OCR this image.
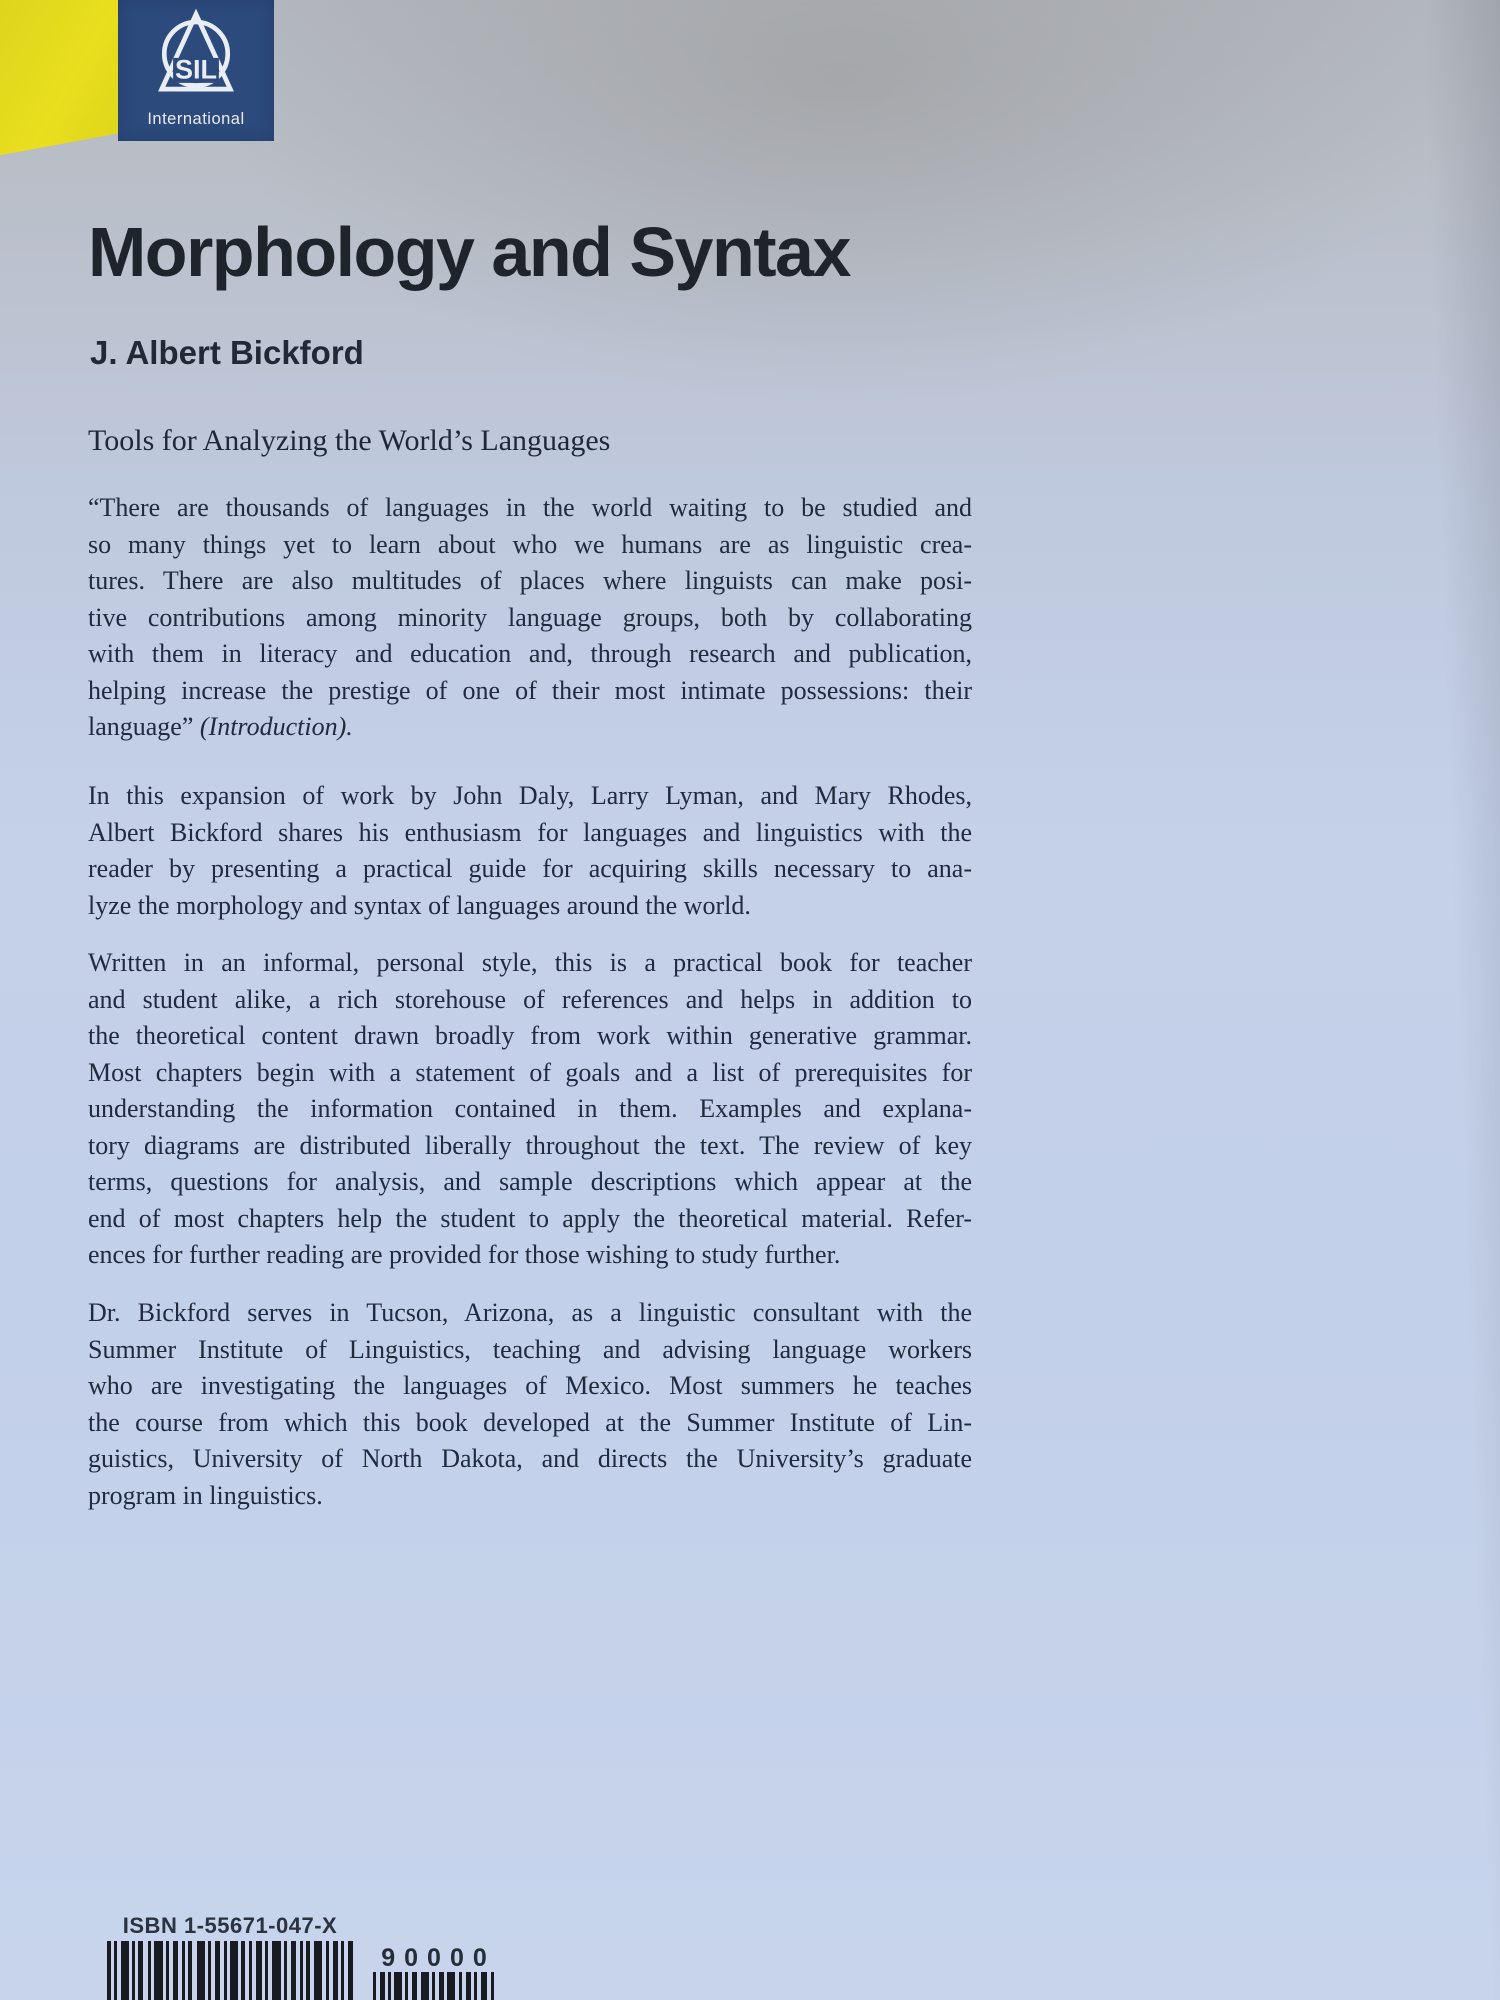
SIL
International
Morphology and Syntax
J. Albert Bickford
Tools for Analyzing the World’s Languages
“There are thousands of languages in the world waiting to be studied and
so many things yet to learn about who we humans are as linguistic crea-
tures. There are also multitudes of places where linguists can make posi-
tive contributions among minority language groups, both by collaborating
with them in literacy and education and, through research and publication,
helping increase the prestige of one of their most intimate possessions: their
language” (Introduction).
In this expansion of work by John Daly, Larry Lyman, and Mary Rhodes,
Albert Bickford shares his enthusiasm for languages and linguistics with the
reader by presenting a practical guide for acquiring skills necessary to ana-
lyze the morphology and syntax of languages around the world.
Written in an informal, personal style, this is a practical book for teacher
and student alike, a rich storehouse of references and helps in addition to
the theoretical content drawn broadly from work within generative grammar.
Most chapters begin with a statement of goals and a list of prerequisites for
understanding the information contained in them. Examples and explana-
tory diagrams are distributed liberally throughout the text. The review of key
terms, questions for analysis, and sample descriptions which appear at the
end of most chapters help the student to apply the theoretical material. Refer-
ences for further reading are provided for those wishing to study further.
Dr. Bickford serves in Tucson, Arizona, as a linguistic consultant with the
Summer Institute of Linguistics, teaching and advising language workers
who are investigating the languages of Mexico. Most summers he teaches
the course from which this book developed at the Summer Institute of Lin-
guistics, University of North Dakota, and directs the University’s graduate
program in linguistics.
ISBN 1-55671-047-X
90000
